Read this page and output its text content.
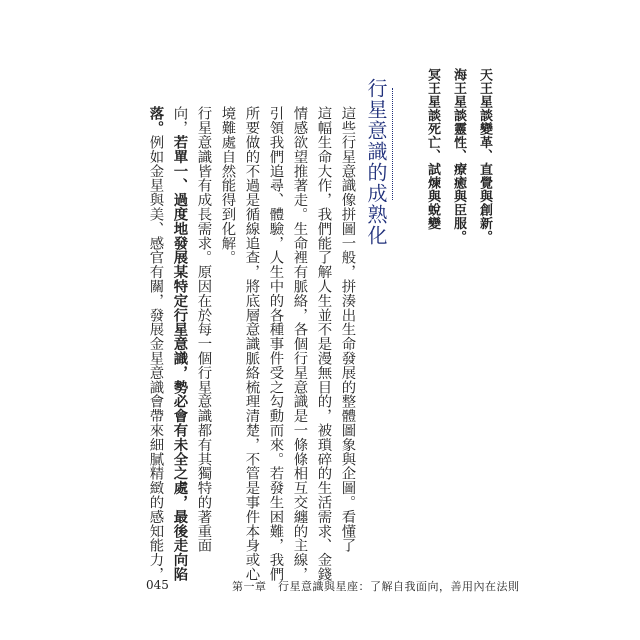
天王星談變革、直覺與創新。
海王星談靈性、療癒與臣服。
冥王星談死亡、試煉與蛻變
行星意識的成熟化
這些行星意識像拼圖一般，拼湊出生命發展的整體圖象與企圖。看懂了
這幅生命大作，我們能了解人生並不是漫無目的，被瑣碎的生活需求、金錢
情感欲望推著走。生命裡有脈絡，各個行星意識是一條條相互交纏的主線，
引領我們追尋、體驗，人生中的各種事件受之勾動而來。若發生困難，我們
所要做的不過是循線追查，將底層意識脈絡梳理清楚，不管是事件本身或心
境難處自然能得到化解。
行星意識皆有成長需求。原因在於每一個行星意識都有其獨特的著重面
向，若單一、過度地發展某特定行星意識，勢必會有未全之處，最後走向陷
落。例如金星與美、感官有關，發展金星意識會帶來細膩精緻的感知能力，
045	第一章　行星意識與星座：了解自我面向，善用內在法則
